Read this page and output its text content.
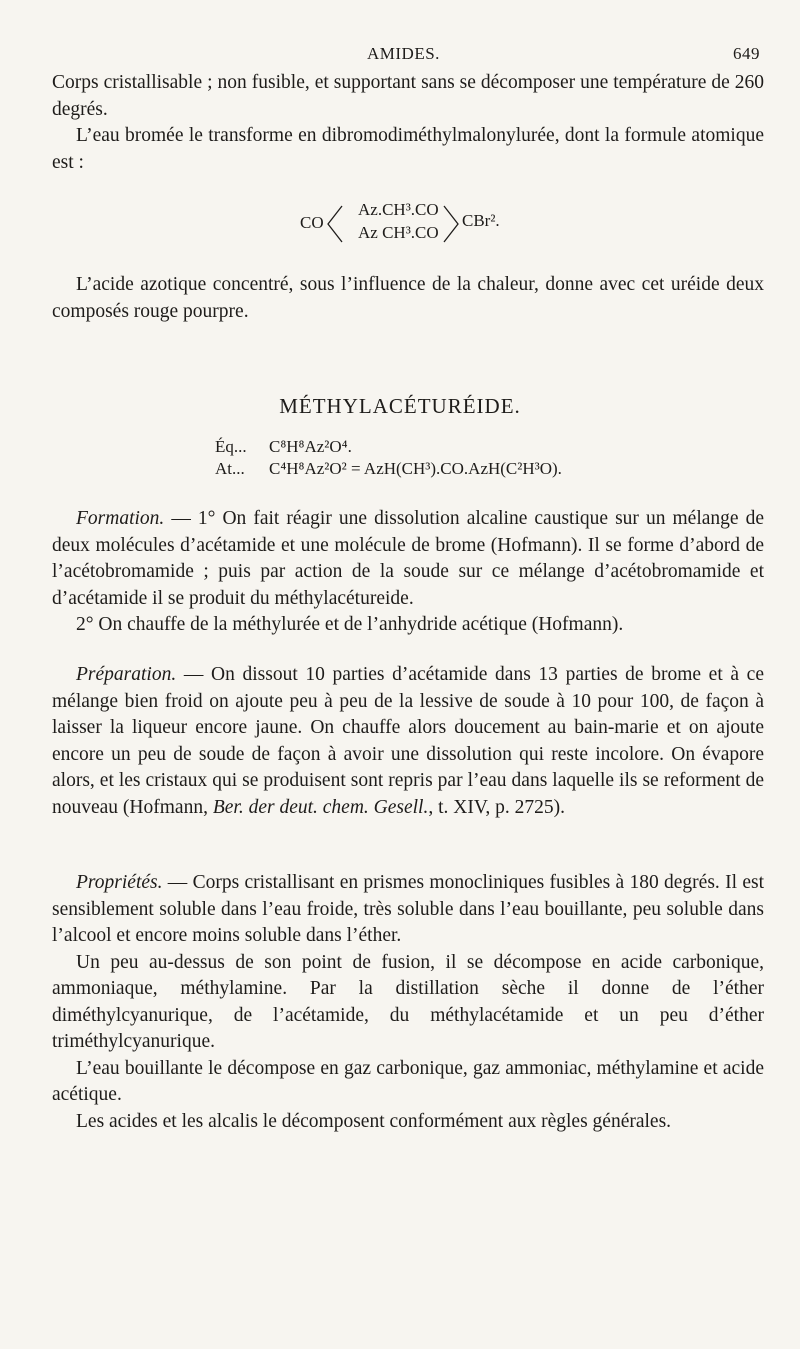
AMIDES.	649

Corps cristallisable ; non fusible, et supportant sans se décomposer une température de 260 degrés.

L’eau bromée le transforme en dibromodiméthylmalonylurée, dont la formule atomique est :

CO
Az.CH³.CO
Az CH³.CO
CBr².

L’acide azotique concentré, sous l’influence de la chaleur, donne avec cet uréide deux composés rouge pourpre.

MÉTHYLACÉTURÉIDE.
Éq... C⁸H⁸Az²O⁴.
At... C⁴H⁸Az²O² = AzH(CH³).CO.AzH(C²H³O).

Formation. — 1° On fait réagir une dissolution alcaline caustique sur un mélange de deux molécules d’acétamide et une molécule de brome (Hofmann). Il se forme d’abord de l’acétobromamide ; puis par action de la soude sur ce mélange d’acétobromamide et d’acétamide il se produit du méthylacétureide.

2° On chauffe de la méthylurée et de l’anhydride acétique (Hofmann).

Préparation. — On dissout 10 parties d’acétamide dans 13 parties de brome et à ce mélange bien froid on ajoute peu à peu de la lessive de soude à 10 pour 100, de façon à laisser la liqueur encore jaune. On chauffe alors doucement au bain-marie et on ajoute encore un peu de soude de façon à avoir une dissolution qui reste incolore. On évapore alors, et les cristaux qui se produisent sont repris par l’eau dans laquelle ils se reforment de nouveau (Hofmann, Ber. der deut. chem. Gesell., t. XIV, p. 2725).

Propriétés. — Corps cristallisant en prismes monocliniques fusibles à 180 degrés. Il est sensiblement soluble dans l’eau froide, très soluble dans l’eau bouillante, peu soluble dans l’alcool et encore moins soluble dans l’éther.

Un peu au-dessus de son point de fusion, il se décompose en acide carbonique, ammoniaque, méthylamine. Par la distillation sèche il donne de l’éther diméthylcyanurique, de l’acétamide, du méthylacétamide et un peu d’éther triméthylcyanurique.

L’eau bouillante le décompose en gaz carbonique, gaz ammoniac, méthylamine et acide acétique.

Les acides et les alcalis le décomposent conformément aux règles générales.
